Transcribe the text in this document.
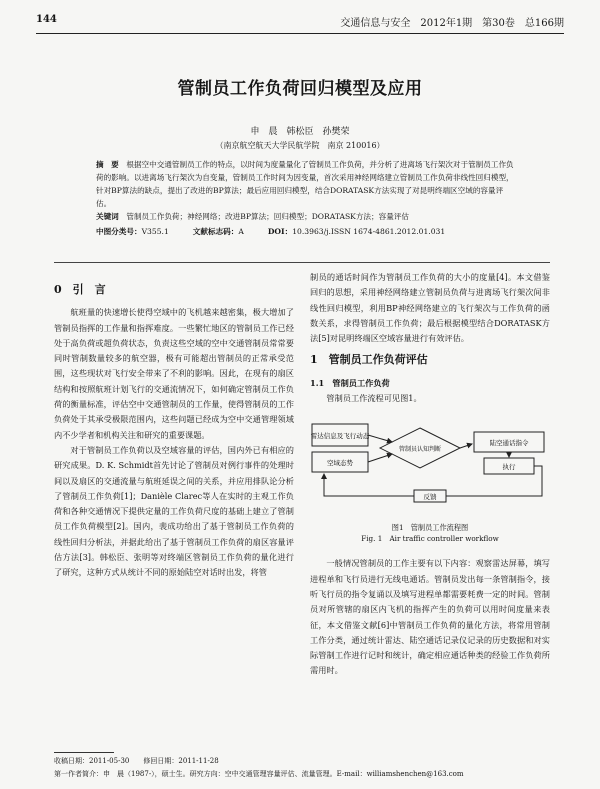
144	交通信息与安全　2012年1期　第30卷　总166期
管制员工作负荷回归模型及应用
申　晨　韩松臣　孙樊荣
（南京航空航天大学民航学院　南京 210016）

摘　要　 根据空中交通管制员工作的特点，以时间为度量量化了管制员工作负荷，并分析了进离场飞行架次对于管制员工作负荷的影响。以进离场飞行架次为自变量，管制员工作时间为因变量，首次采用神经网络建立管制员工作负荷非线性回归模型，针对BP算法的缺点，提出了改进的BP算法；最后应用回归模型，结合DORATASK方法实现了对昆明终端区空域的容量评估。

关键词　 管制员工作负荷；神经网络；改进BP算法；回归模型；DORATASK方法；容量评估

中图分类号：V355.1	文献标志码：A	DOI：10.3963/j.ISSN 1674-4861.2012.01.031
0　引　言

航班量的快速增长使得空域中的飞机越来越密集，极大增加了管制员指挥的工作量和指挥难度。一些繁忙地区的管制员工作已经处于高负荷或超负荷状态，负责这些空域的空中交通管制员常常要同时管制数量较多的航空器，极有可能超出管制员的正常承受范围，这些现状对飞行安全带来了不利的影响。因此，在现有的扇区结构和按照航班计划飞行的交通流情况下，如何确定管制员工作负荷的衡量标准，评估空中交通管制员的工作量，使得管制员的工作负荷处于其承受极限范围内，这些问题已经成为空中交通管理领域内不少学者和机构关注和研究的重要课题。

对于管制员工作负荷以及空域容量的评估，国内外已有相应的研究成果。D. K. Schmidt首先讨论了管制员对例行事件的处理时间以及扇区的交通流量与航班延误之间的关系，并应用排队论分析了管制员工作负荷[1]；Danièle Clarec等人在实时的主观工作负荷和各种交通情况下提供定量的工作负荷尺度的基础上建立了管制员工作负荷模型[2]。国内，裴成功给出了基于管制员工作负荷的线性回归分析法，并据此给出了基于管制员工作负荷的扇区容量评估方法[3]。韩松臣、张明等对终端区管制员工作负荷的量化进行了研究，这种方式从统计不同的原始陆空对话时出发，将管

制员的通话时间作为管制员工作负荷的大小的度量[4]。本文借鉴回归的思想，采用神经网络建立管制员负荷与进离场飞行架次间非线性回归模型，利用BP神经网络建立的飞行架次与工作负荷的函数关系，求得管制员工作负荷；最后根据模型结合DORATASK方法[5]对昆明终端区空域容量进行有效评估。

1　管制员工作负荷评估

1.1　管制员工作负荷

管制员工作流程可见图1。

雷达信息及飞行动态
空域态势
管制员认知判断
陆空通话指令
执行
反馈

图1　管制员工作流程图

Fig. 1　Air traffic controller workflow

一般情况管制员的工作主要有以下内容：观察雷达屏幕，填写进程单和飞行员进行无线电通话。管制员发出每一条管制指令，接听飞行员的指令复诵以及填写进程单都需要耗费一定的时间。管制员对所管辖的扇区内飞机的指挥产生的负荷可以用时间度量来表征，本文借鉴文献[6]中管制员工作负荷的量化方法，将常用管制工作分类，通过统计雷达、陆空通话记录仪记录的历史数据和对实际管制工作进行记时和统计，确定相应通话种类的经验工作负荷所需用时。

收稿日期：2011-05-30　　修回日期：2011-11-28

第一作者简介：申　晨（1987-），硕士生。研究方向：空中交通管理容量评估、流量管理。E-mail：williamshenchen@163.com
